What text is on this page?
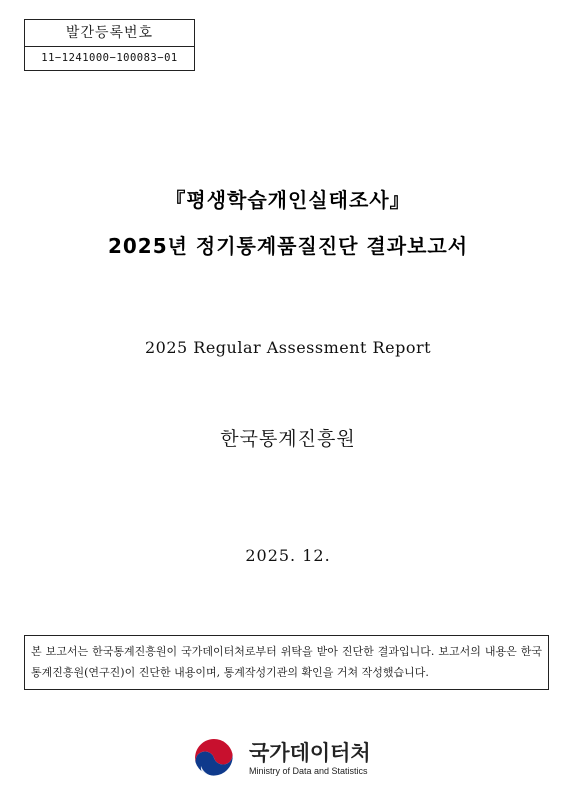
발간등록번호
11−1241000−100083−01
『평생학습개인실태조사』
2025년 정기통계품질진단 결과보고서
2025 Regular Assessment Report
한국통계진흥원
2025. 12.
본 보고서는 한국통계진흥원이 국가데이터처로부터 위탁을 받아 진단한 결과입니다. 보고서의 내용은 한국통계진흥원(연구진)이 진단한 내용이며, 통계작성기관의 확인을 거쳐 작성했습니다.
국가데이터처
Ministry of Data and Statistics
